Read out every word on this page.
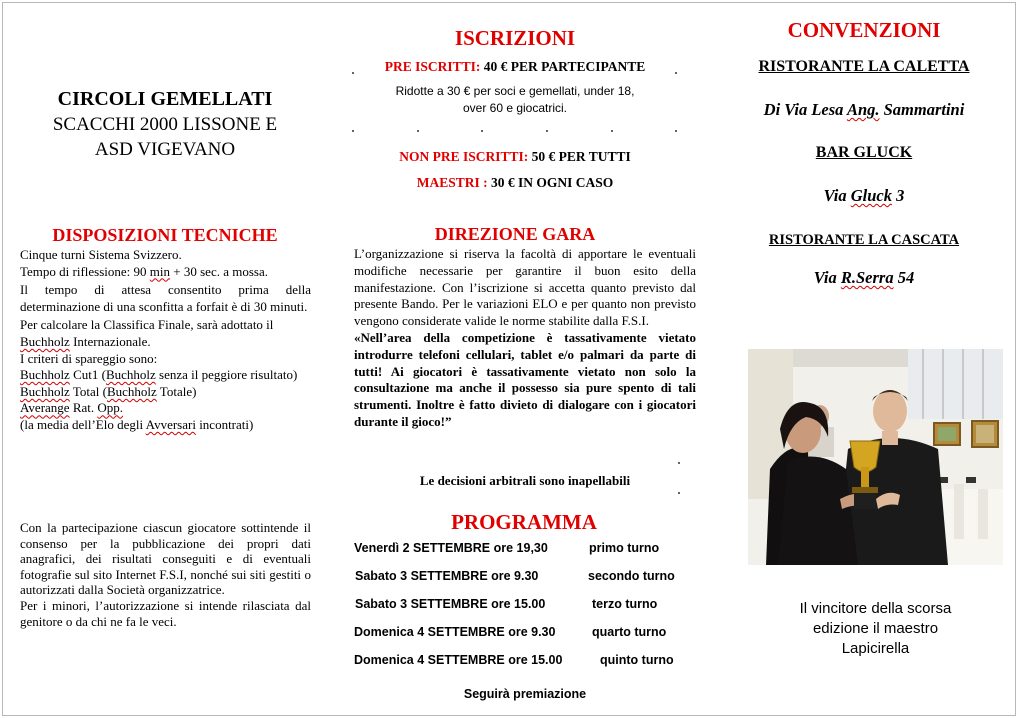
CIRCOLI GEMELLATI
SCACCHI 2000 LISSONE E
ASD VIGEVANO
DISPOSIZIONI TECNICHE

Cinque turni Sistema Svizzero.

Tempo di riflessione: 90 min + 30 sec. a mossa.

Il tempo di attesa consentito prima della determinazione di una sconfitta a forfait è di 30 minuti.

Per calcolare la Classifica Finale, sarà adottato il Buchholz Internazionale.

I criteri di spareggio sono:

Buchholz Cut1 (Buchholz senza il peggiore risultato)

Buchholz Total (Buchholz Totale)

Averange Rat. Opp.

(la media dell’Elo degli Avversari incontrati)

Con la partecipazione ciascun giocatore sottintende il consenso per la pubblicazione dei propri dati anagrafici, dei risultati conseguiti e di eventuali fotografie sul sito Internet F.S.I, nonché sui siti gestiti o autorizzati dalla Società organizzatrice.

Per i minori, l’autorizzazione si intende rilasciata dal genitore o da chi ne fa le veci.

ISCRIZIONI
PRE ISCRITTI: 40 € PER PARTECIPANTE
Ridotte a 30 € per soci e gemellati, under 18,
over 60 e giocatrici.
NON PRE ISCRITTI: 50 € PER TUTTI
MAESTRI : 30 € IN OGNI CASO
DIREZIONE GARA

L’organizzazione si riserva la facoltà di apportare le eventuali modifiche necessarie per garantire il buon esito della manifestazione. Con l’iscrizione si accetta quanto previsto dal presente Bando. Per le variazioni ELO e per quanto non previsto vengono considerate valide le norme stabilite dalla F.S.I.

«Nell’area della competizione è tassativamente vietato introdurre telefoni cellulari, tablet e/o palmari da parte di tutti! Ai giocatori è tassativamente vietato non solo la consultazione ma anche il possesso sia pure spento di tali strumenti. Inoltre è fatto divieto di dialogare con i giocatori durante il gioco!”

Le decisioni arbitrali sono inapellabili
PROGRAMMA
Venerdì 2 SETTEMBRE ore 19,30	primo turno
Sabato 3 SETTEMBRE ore 9.30	secondo turno
Sabato 3 SETTEMBRE ore 15.00	terzo turno
Domenica 4 SETTEMBRE ore 9.30	quarto turno
Domenica 4 SETTEMBRE ore 15.00	quinto turno
Seguirà premiazione
CONVENZIONI
RISTORANTE LA CALETTA
Di Via Lesa Ang. Sammartini
BAR GLUCK
Via Gluck 3
RISTORANTE LA CASCATA
Via R.Serra 54
Il vincitore della scorsa
edizione il maestro
Lapicirella
